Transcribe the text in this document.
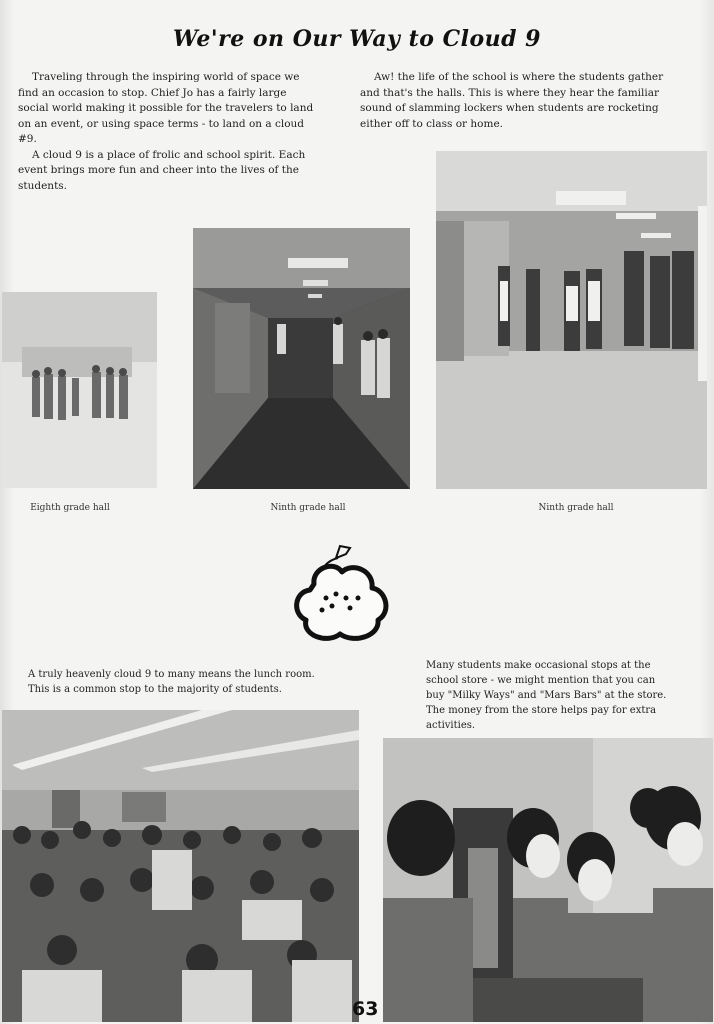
We're on Our Way to Cloud 9

Traveling through the inspiring world of space we find an occasion to stop. Chief Jo has a fairly large social world making it possible for the travelers to land on an event, or using space terms - to land on a cloud #9.

A cloud 9 is a place of frolic and school spirit. Each event brings more fun and cheer into the lives of the students.

Aw! the life of the school is where the students gather and that's the halls. This is where they hear the familiar sound of slamming lockers when students are rocketing either off to class or home.

Eighth grade hall	Ninth grade hall	Ninth grade hall
A truly heavenly cloud 9 to many means the lunch room. This is a common stop to the majority of students.
Many students make occasional stops at the school store - we might mention that you can buy "Milky Ways" and "Mars Bars" at the store. The money from the store helps pay for extra activities.
63
